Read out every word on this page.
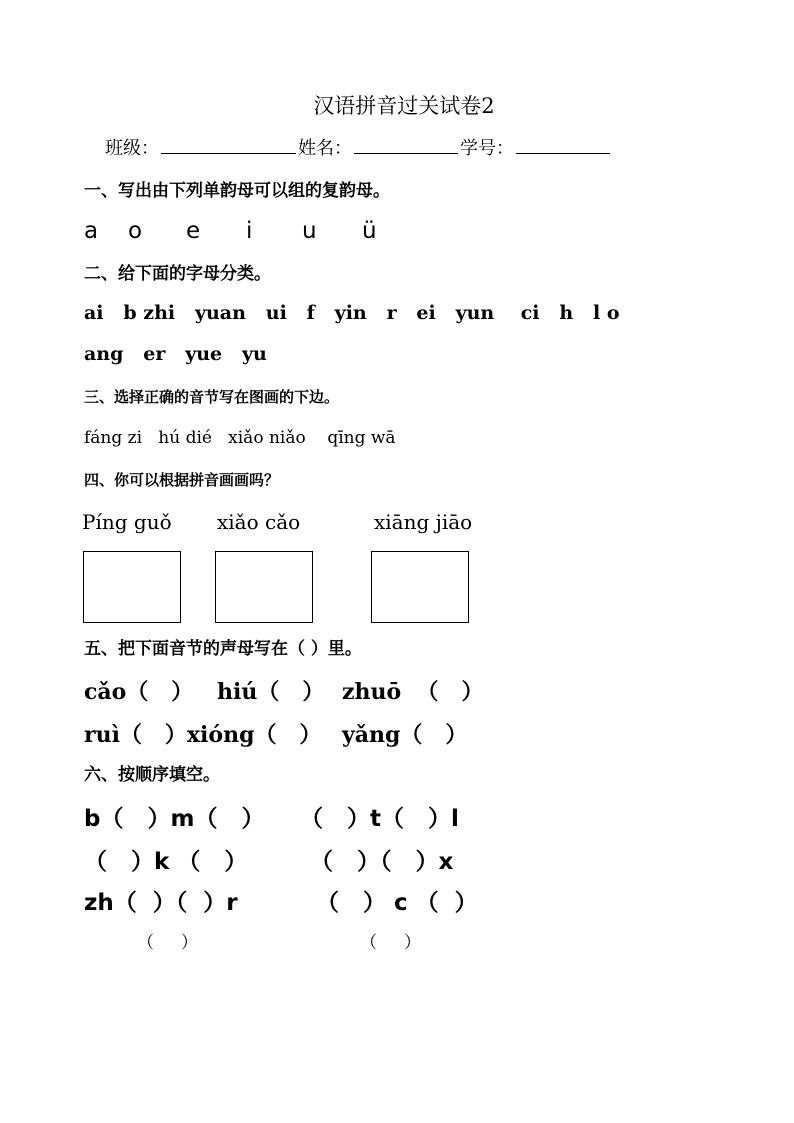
汉语拼音过关试卷2
班级：	姓名：	学号：
一、写出由下列单韵母可以组的复韵母。
a o e i u ü
二、给下面的字母分类。
ai   b zhi   yuan   ui   f   yin   r   ei   yun    ci   h   l o
ang   er   yue   yu
三、选择正确的音节写在图画的下边。
fáng zi   hú dié   xiǎo niǎo    qīng wā
四、你可以根据拼音画画吗？
Píng guǒ xiǎo cǎo	xiāng jiāo
五、把下面音节的声母写在（ ）里。
cǎo（   ） hiú（   ） zhuō  （   ）
ruì（   ）xióng（   ） yǎng（   ）
六、按顺序填空。
b（   ）m（   ） （   ）t（   ）l
（   ）k （   ）	（   ）（   ）x
zh（  ）（  ）r	（   ） c （  ）
（     ）	（     ）
